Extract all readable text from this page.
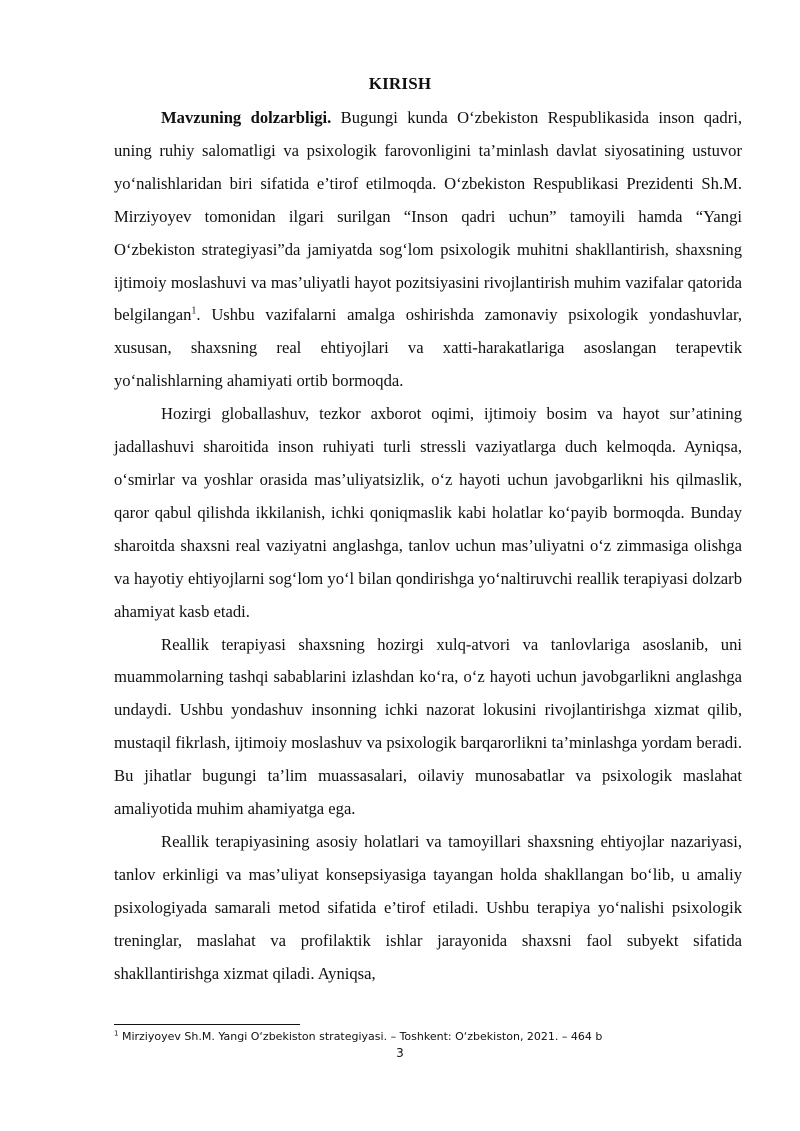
KIRISH

Mavzuning dolzarbligi. Bugungi kunda O‘zbekiston Respublikasida inson qadri, uning ruhiy salomatligi va psixologik farovonligini ta’minlash davlat siyosatining ustuvor yo‘nalishlaridan biri sifatida e’tirof etilmoqda. O‘zbekiston Respublikasi Prezidenti Sh.M. Mirziyoyev tomonidan ilgari surilgan “Inson qadri uchun” tamoyili hamda “Yangi O‘zbekiston strategiyasi”da jamiyatda sog‘lom psixologik muhitni shakllantirish, shaxsning ijtimoiy moslashuvi va mas’uliyatli hayot pozitsiyasini rivojlantirish muhim vazifalar qatorida belgilangan$^1$. Ushbu vazifalarni amalga oshirishda zamonaviy psixologik yondashuvlar, xususan, shaxsning real ehtiyojlari va xatti-harakatlariga asoslangan terapevtik yo‘nalishlarning ahamiyati ortib bormoqda.

Hozirgi globallashuv, tezkor axborot oqimi, ijtimoiy bosim va hayot sur’atining jadallashuvi sharoitida inson ruhiyati turli stressli vaziyatlarga duch kelmoqda. Ayniqsa, o‘smirlar va yoshlar orasida mas’uliyatsizlik, o‘z hayoti uchun javobgarlikni his qilmaslik, qaror qabul qilishda ikkilanish, ichki qoniqmaslik kabi holatlar ko‘payib bormoqda. Bunday sharoitda shaxsni real vaziyatni anglashga, tanlov uchun mas’uliyatni o‘z zimmasiga olishga va hayotiy ehtiyojlarni sog‘lom yo‘l bilan qondirishga yo‘naltiruvchi reallik terapiyasi dolzarb ahamiyat kasb etadi.

Reallik terapiyasi shaxsning hozirgi xulq-atvori va tanlovlariga asoslanib, uni muammolarning tashqi sabablarini izlashdan ko‘ra, o‘z hayoti uchun javobgarlikni anglashga undaydi. Ushbu yondashuv insonning ichki nazorat lokusini rivojlantirishga xizmat qilib, mustaqil fikrlash, ijtimoiy moslashuv va psixologik barqarorlikni ta’minlashga yordam beradi. Bu jihatlar bugungi ta’lim muassasalari, oilaviy munosabatlar va psixologik maslahat amaliyotida muhim ahamiyatga ega.

Reallik terapiyasining asosiy holatlari va tamoyillari shaxsning ehtiyojlar nazariyasi, tanlov erkinligi va mas’uliyat konsepsiyasiga tayangan holda shakllangan bo‘lib, u amaliy psixologiyada samarali metod sifatida e’tirof etiladi. Ushbu terapiya yo‘nalishi psixologik treninglar, maslahat va profilaktik ishlar jarayonida shaxsni faol subyekt sifatida shakllantirishga xizmat qiladi. Ayniqsa,

$^1$ Mirziyoyev Sh.M. Yangi O‘zbekiston strategiyasi. – Toshkent: O‘zbekiston, 2021. – 464 b
3
